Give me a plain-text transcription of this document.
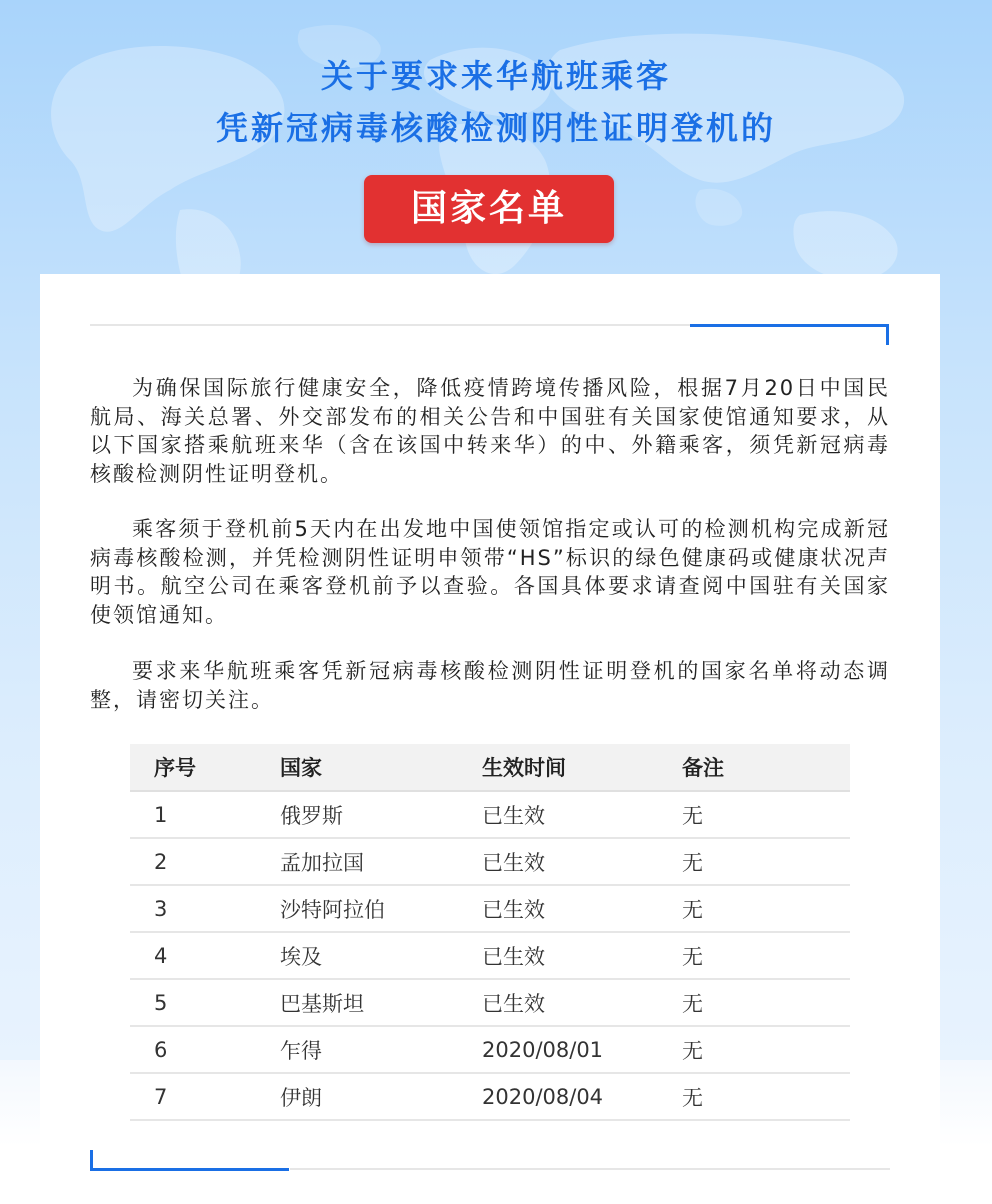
关于要求来华航班乘客
凭新冠病毒核酸检测阴性证明登机的
国家名单

为确保国际旅行健康安全，降低疫情跨境传播风险，根据7月20日中国民航局、海关总署、外交部发布的相关公告和中国驻有关国家使馆通知要求，从以下国家搭乘航班来华（含在该国中转来华）的中、外籍乘客，须凭新冠病毒核酸检测阴性证明登机。

乘客须于登机前5天内在出发地中国使领馆指定或认可的检测机构完成新冠病毒核酸检测，并凭检测阴性证明申领带“HS”标识的绿色健康码或健康状况声明书。航空公司在乘客登机前予以查验。各国具体要求请查阅中国驻有关国家使领馆通知。

要求来华航班乘客凭新冠病毒核酸检测阴性证明登机的国家名单将动态调整，请密切关注。

序号	国家	生效时间	备注
1	俄罗斯	已生效	无
2	孟加拉国	已生效	无
3	沙特阿拉伯	已生效	无
4	埃及	已生效	无
5	巴基斯坦	已生效	无
6	乍得	2020/08/01	无
7	伊朗	2020/08/04	无
